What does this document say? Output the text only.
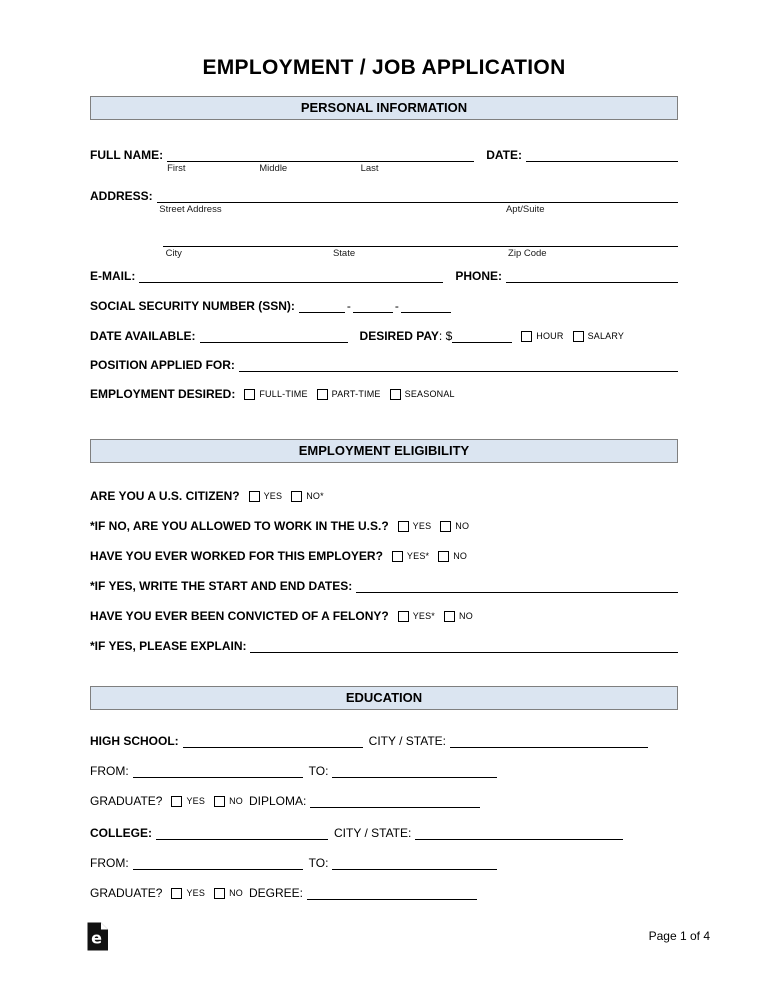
EMPLOYMENT / JOB APPLICATION
PERSONAL INFORMATION
FULL NAME:
First	Middle	Last
DATE:
ADDRESS:
Street Address	Apt/Suite
City	State	Zip Code
E-MAIL:	PHONE:
SOCIAL SECURITY NUMBER (SSN):	-	-
DATE AVAILABLE:	DESIRED PAY : $	HOUR	SALARY
POSITION APPLIED FOR:
EMPLOYMENT DESIRED:	FULL-TIME	PART-TIME	SEASONAL
EMPLOYMENT ELIGIBILITY
ARE YOU A U.S. CITIZEN?	YES	NO*
*IF NO, ARE YOU ALLOWED TO WORK IN THE U.S.?	YES	NO
HAVE YOU EVER WORKED FOR THIS EMPLOYER?	YES*	NO
*IF YES, WRITE THE START AND END DATES:
HAVE YOU EVER BEEN CONVICTED OF A FELONY?	YES*	NO
*IF YES, PLEASE EXPLAIN:
EDUCATION
HIGH SCHOOL:	CITY / STATE:
FROM:	TO:
GRADUATE?	YES	NO DIPLOMA:
COLLEGE:	CITY / STATE:
FROM:	TO:
GRADUATE?	YES	NO DEGREE:
e	Page 1 of 4
